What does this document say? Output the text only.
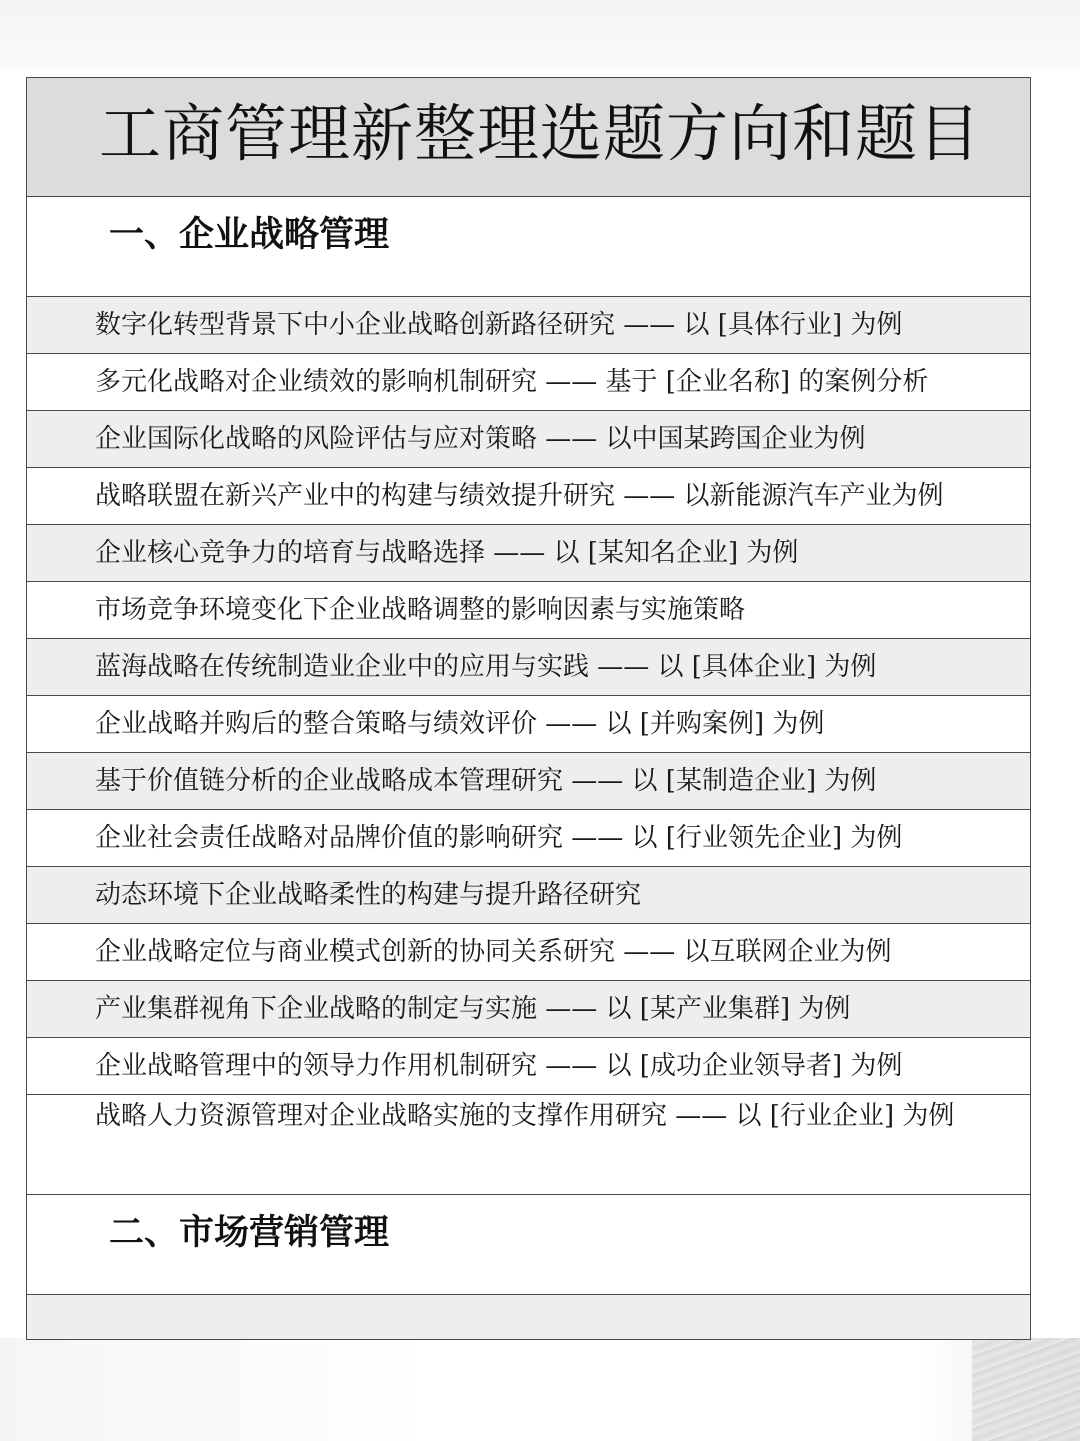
工商管理新整理选题方向和题目

一、企业战略管理

数字化转型背景下中小企业战略创新路径研究 —— 以 [具体行业] 为例

多元化战略对企业绩效的影响机制研究 —— 基于 [企业名称] 的案例分析

企业国际化战略的风险评估与应对策略 —— 以中国某跨国企业为例

战略联盟在新兴产业中的构建与绩效提升研究 —— 以新能源汽车产业为例

企业核心竞争力的培育与战略选择 —— 以 [某知名企业] 为例

市场竞争环境变化下企业战略调整的影响因素与实施策略

蓝海战略在传统制造业企业中的应用与实践 —— 以 [具体企业] 为例

企业战略并购后的整合策略与绩效评价 —— 以 [并购案例] 为例

基于价值链分析的企业战略成本管理研究 —— 以 [某制造企业] 为例

企业社会责任战略对品牌价值的影响研究 —— 以 [行业领先企业] 为例

动态环境下企业战略柔性的构建与提升路径研究

企业战略定位与商业模式创新的协同关系研究 —— 以互联网企业为例

产业集群视角下企业战略的制定与实施 —— 以 [某产业集群] 为例

企业战略管理中的领导力作用机制研究 —— 以 [成功企业领导者] 为例

战略人力资源管理对企业战略实施的支撑作用研究 —— 以 [行业企业] 为例

二、市场营销管理
